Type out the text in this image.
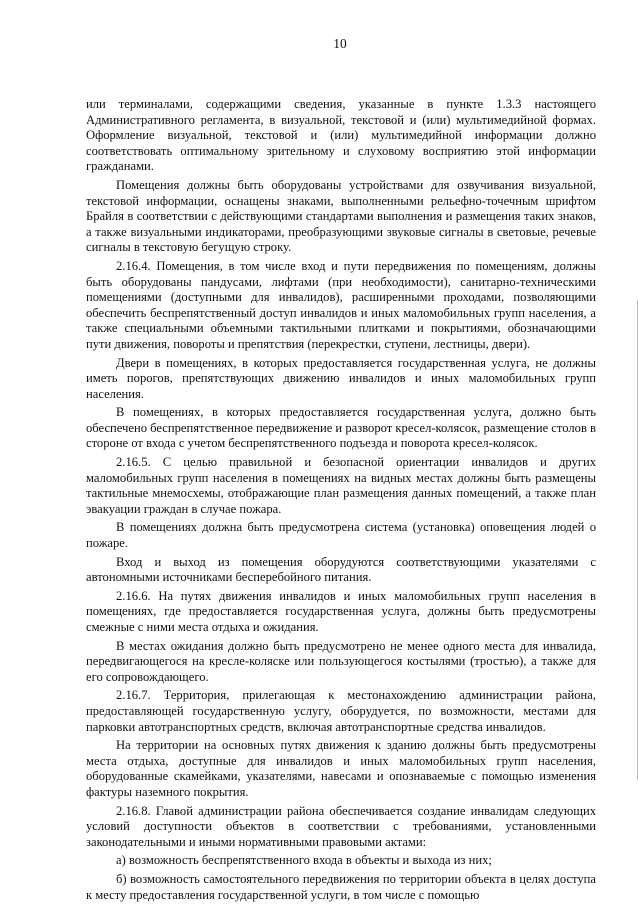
10

или терминалами, содержащими сведения, указанные в пункте 1.3.3 настоящего Административного регламента, в визуальной, текстовой и (или) мультимедийной формах. Оформление визуальной, текстовой и (или) мультимедийной информации должно соответствовать оптимальному зрительному и слуховому восприятию этой информации гражданами.

Помещения должны быть оборудованы устройствами для озвучивания визуальной, текстовой информации, оснащены знаками, выполненными рельефно-точечным шрифтом Брайля в соответствии с действующими стандартами выполнения и размещения таких знаков, а также визуальными индикаторами, преобразующими звуковые сигналы в световые, речевые сигналы в текстовую бегущую строку.

2.16.4. Помещения, в том числе вход и пути передвижения по помещениям, должны быть оборудованы пандусами, лифтами (при необходимости), санитарно-техническими помещениями (доступными для инвалидов), расширенными проходами, позволяющими обеспечить беспрепятственный доступ инвалидов и иных маломобильных групп населения, а также специальными объемными тактильными плитками и покрытиями, обозначающими пути движения, повороты и препятствия (перекрестки, ступени, лестницы, двери).

Двери в помещениях, в которых предоставляется государственная услуга, не должны иметь порогов, препятствующих движению инвалидов и иных маломобильных групп населения.

В помещениях, в которых предоставляется государственная услуга, должно быть обеспечено беспрепятственное передвижение и разворот кресел-колясок, размещение столов в стороне от входа с учетом беспрепятственного подъезда и поворота кресел-колясок.

2.16.5. С целью правильной и безопасной ориентации инвалидов и других маломобильных групп населения в помещениях на видных местах должны быть размещены тактильные мнемосхемы, отображающие план размещения данных помещений, а также план эвакуации граждан в случае пожара.

В помещениях должна быть предусмотрена система (установка) оповещения людей о пожаре.

Вход и выход из помещения оборудуются соответствующими указателями с автономными источниками бесперебойного питания.

2.16.6. На путях движения инвалидов и иных маломобильных групп населения в помещениях, где предоставляется государственная услуга, должны быть предусмотрены смежные с ними места отдыха и ожидания.

В местах ожидания должно быть предусмотрено не менее одного места для инвалида, передвигающегося на кресле-коляске или пользующегося костылями (тростью), а также для его сопровождающего.

2.16.7. Территория, прилегающая к местонахождению администрации района, предоставляющей государственную услугу, оборудуется, по возможности, местами для парковки автотранспортных средств, включая автотранспортные средства инвалидов.

На территории на основных путях движения к зданию должны быть предусмотрены места отдыха, доступные для инвалидов и иных маломобильных групп населения, оборудованные скамейками, указателями, навесами и опознаваемые с помощью изменения фактуры наземного покрытия.

2.16.8. Главой администрации района обеспечивается создание инвалидам следующих условий доступности объектов в соответствии с требованиями, установленными законодательными и иными нормативными правовыми актами:

а) возможность беспрепятственного входа в объекты и выхода из них;

б) возможность самостоятельного передвижения по территории объекта в целях доступа к месту предоставления государственной услуги, в том числе с помощью
